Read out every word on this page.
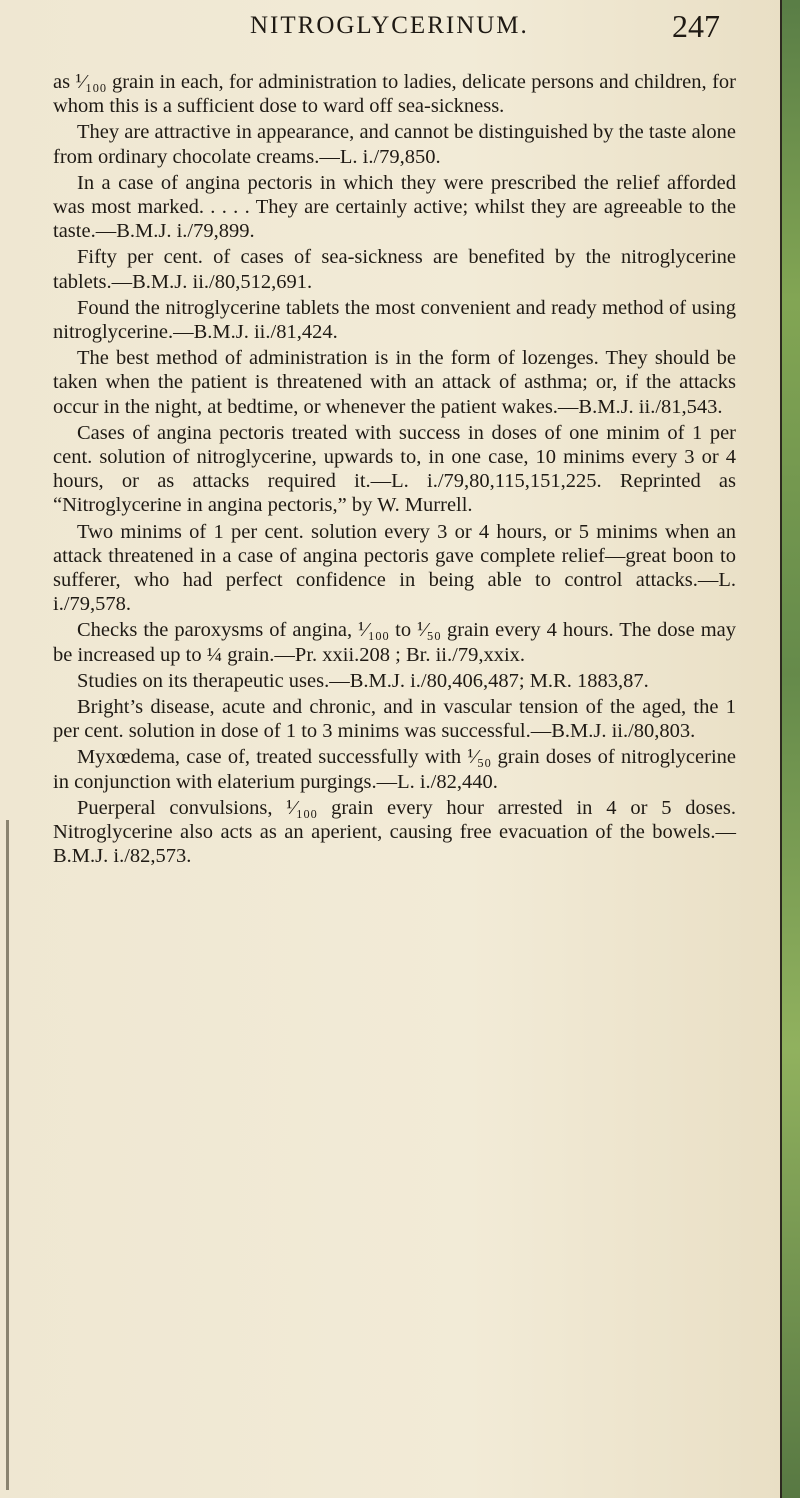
NITROGLYCERINUM.	247

as ¹⁄₁₀₀ grain in each, for administration to ladies, delicate persons and children, for whom this is a sufficient dose to ward off sea-sickness.

They are attractive in appearance, and cannot be distinguished by the taste alone from ordinary chocolate creams.—L. i./79,850.

In a case of angina pectoris in which they were prescribed the relief afforded was most marked. . . . . They are certainly active; whilst they are agreeable to the taste.—B.M.J. i./79,899.

Fifty per cent. of cases of sea-sickness are benefited by the nitroglycerine tablets.—B.M.J. ii./80,512,691.

Found the nitroglycerine tablets the most convenient and ready method of using nitroglycerine.—B.M.J. ii./81,424.

The best method of administration is in the form of lozenges. They should be taken when the patient is threatened with an attack of asthma; or, if the attacks occur in the night, at bedtime, or whenever the patient wakes.—B.M.J. ii./81,543.

Cases of angina pectoris treated with success in doses of one minim of 1 per cent. solution of nitroglycerine, upwards to, in one case, 10 minims every 3 or 4 hours, or as attacks required it.—L. i./79,80,115,151,225. Reprinted as “Nitroglycerine in angina pectoris,” by W. Murrell.

Two minims of 1 per cent. solution every 3 or 4 hours, or 5 minims when an attack threatened in a case of angina pectoris gave complete relief—great boon to sufferer, who had perfect confidence in being able to control attacks.—L. i./79,578.

Checks the paroxysms of angina, ¹⁄₁₀₀ to ¹⁄₅₀ grain every 4 hours. The dose may be increased up to ¼ grain.—Pr. xxii.208 ; Br. ii./79,xxix.

Studies on its therapeutic uses.—B.M.J. i./80,406,487; M.R. 1883,87.

Bright’s disease, acute and chronic, and in vascular tension of the aged, the 1 per cent. solution in dose of 1 to 3 minims was successful.—B.M.J. ii./80,803.

Myxœdema, case of, treated successfully with ¹⁄₅₀ grain doses of nitroglycerine in conjunction with elaterium purgings.—L. i./82,440.

Puerperal convulsions, ¹⁄₁₀₀ grain every hour arrested in 4 or 5 doses. Nitroglycerine also acts as an aperient, causing free evacuation of the bowels.—B.M.J. i./82,573.
